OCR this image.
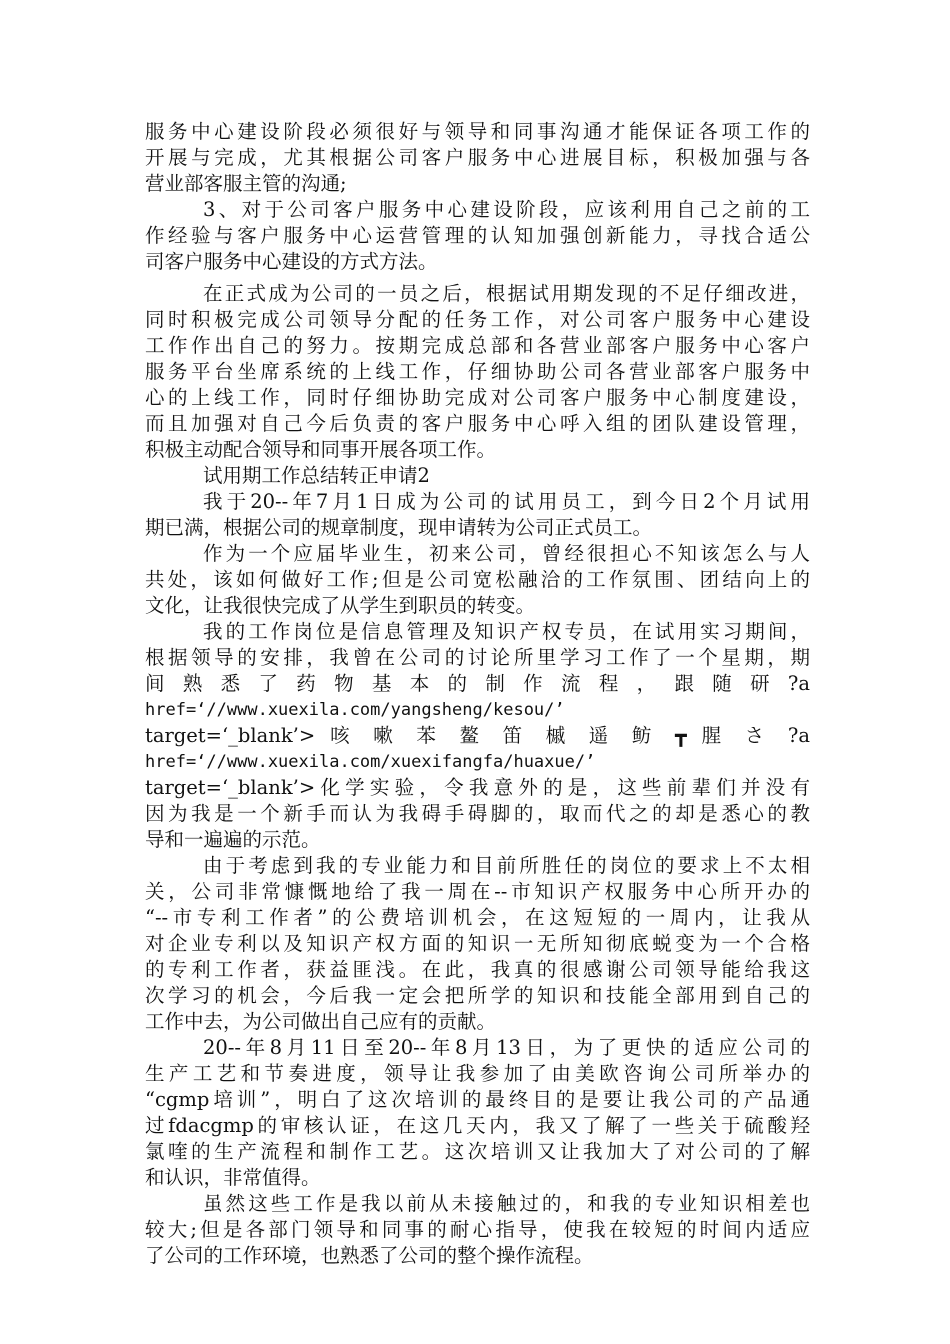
服务中心建设阶段必须很好与领导和同事沟通才能保证各项工作的
开展与完成，尤其根据公司客户服务中心进展目标，积极加强与各
营业部客服主管的沟通;
3、对于公司客户服务中心建设阶段，应该利用自己之前的工
作经验与客户服务中心运营管理的认知加强创新能力，寻找合适公
司客户服务中心建设的方式方法。
在正式成为公司的一员之后，根据试用期发现的不足仔细改进，
同时积极完成公司领导分配的任务工作，对公司客户服务中心建设
工作作出自己的努力。按期完成总部和各营业部客户服务中心客户
服务平台坐席系统的上线工作，仔细协助公司各营业部客户服务中
心的上线工作，同时仔细协助完成对公司客户服务中心制度建设，
而且加强对自己今后负责的客户服务中心呼入组的团队建设管理，
积极主动配合领导和同事开展各项工作。
试用期工作总结转正申请2
我于20--年7月1日成为公司的试用员工，到今日2个月试用
期已满，根据公司的规章制度，现申请转为公司正式员工。
作为一个应届毕业生，初来公司，曾经很担心不知该怎么与人
共处，该如何做好工作;但是公司宽松融洽的工作氛围、团结向上的
文化，让我很快完成了从学生到职员的转变。
我的工作岗位是信息管理及知识产权专员，在试用实习期间，
根据领导的安排，我曾在公司的讨论所里学习工作了一个星期，期
间 熟 悉 了 药 物 基 本 的 制 作 流 程 ， 跟 随 研 ?a
href=‘//www.xuexila.com/yangsheng/kesou/’
target=‘_blank’> 咳 嗽 苯 鳌 笛 槭 遥 鲂 ┳ 腥 さ ?a
href=‘//www.xuexila.com/xuexifangfa/huaxue/’
target=‘_blank’>化学实验，令我意外的是，这些前辈们并没有
因为我是一个新手而认为我碍手碍脚的，取而代之的却是悉心的教
导和一遍遍的示范。
由于考虑到我的专业能力和目前所胜任的岗位的要求上不太相
关，公司非常慷慨地给了我一周在--市知识产权服务中心所开办的
“--市专利工作者”的公费培训机会，在这短短的一周内，让我从
对企业专利以及知识产权方面的知识一无所知彻底蜕变为一个合格
的专利工作者，获益匪浅。在此，我真的很感谢公司领导能给我这
次学习的机会，今后我一定会把所学的知识和技能全部用到自己的
工作中去，为公司做出自己应有的贡献。
20--年8月11日至20--年8月13日，为了更快的适应公司的
生产工艺和节奏进度，领导让我参加了由美欧咨询公司所举办的
“cgmp培训”，明白了这次培训的最终目的是要让我公司的产品通
过fdacgmp的审核认证，在这几天内，我又了解了一些关于硫酸羟
氯喹的生产流程和制作工艺。这次培训又让我加大了对公司的了解
和认识，非常值得。
虽然这些工作是我以前从未接触过的，和我的专业知识相差也
较大;但是各部门领导和同事的耐心指导，使我在较短的时间内适应
了公司的工作环境，也熟悉了公司的整个操作流程。
